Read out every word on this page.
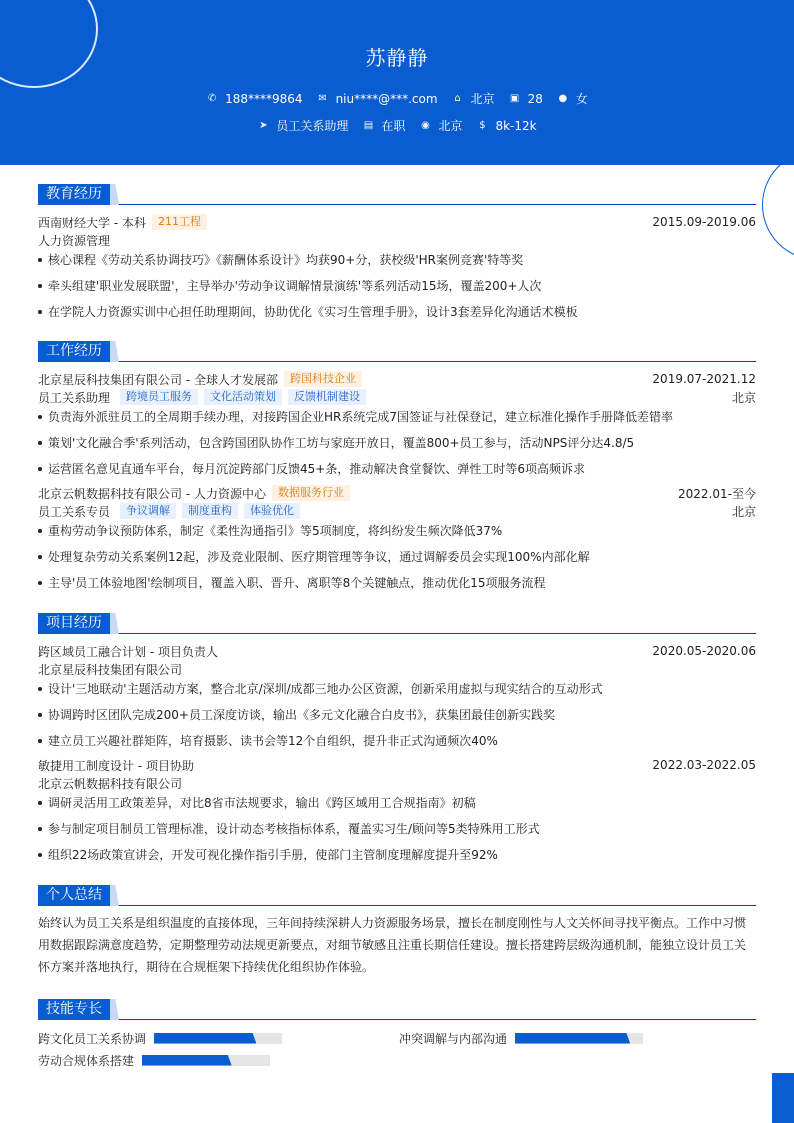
苏静静
✆ 188****9864 ✉ niu****@***.com ⌂ 北京 ▣ 28 ● 女
➤ 员工关系助理 ▤ 在职 ◉ 北京 $ 8k-12k
教育经历
西南财经大学 - 本科	211工程	2015.09-2019.06
人力资源管理
核心课程《劳动关系协调技巧》《薪酬体系设计》均获90+分，获校级'HR案例竞赛'特等奖
牵头组建'职业发展联盟'，主导举办'劳动争议调解情景演练'等系列活动15场，覆盖200+人次
在学院人力资源实训中心担任助理期间，协助优化《实习生管理手册》，设计3套差异化沟通话术模板
工作经历
北京星辰科技集团有限公司 - 全球人才发展部	跨国科技企业	2019.07-2021.12
员工关系助理	跨境员工服务	文化活动策划	反馈机制建设	北京
负责海外派驻员工的全周期手续办理，对接跨国企业HR系统完成7国签证与社保登记，建立标准化操作手册降低差错率
策划'文化融合季'系列活动，包含跨国团队协作工坊与家庭开放日，覆盖800+员工参与，活动NPS评分达4.8/5
运营匿名意见直通车平台，每月沉淀跨部门反馈45+条，推动解决食堂餐饮、弹性工时等6项高频诉求
北京云帆数据科技有限公司 - 人力资源中心	数据服务行业	2022.01-至今
员工关系专员	争议调解	制度重构	体验优化	北京
重构劳动争议预防体系，制定《柔性沟通指引》等5项制度，将纠纷发生频次降低37%
处理复杂劳动关系案例12起，涉及竞业限制、医疗期管理等争议，通过调解委员会实现100%内部化解
主导'员工体验地图'绘制项目，覆盖入职、晋升、离职等8个关键触点，推动优化15项服务流程
项目经历
跨区域员工融合计划 - 项目负责人	2020.05-2020.06
北京星辰科技集团有限公司
设计'三地联动'主题活动方案，整合北京/深圳/成都三地办公区资源，创新采用虚拟与现实结合的互动形式
协调跨时区团队完成200+员工深度访谈，输出《多元文化融合白皮书》，获集团最佳创新实践奖
建立员工兴趣社群矩阵，培育摄影、读书会等12个自组织，提升非正式沟通频次40%
敏捷用工制度设计 - 项目协助	2022.03-2022.05
北京云帆数据科技有限公司
调研灵活用工政策差异，对比8省市法规要求，输出《跨区域用工合规指南》初稿
参与制定项目制员工管理标准，设计动态考核指标体系，覆盖实习生/顾问等5类特殊用工形式
组织22场政策宣讲会，开发可视化操作指引手册，使部门主管制度理解度提升至92%
个人总结
始终认为员工关系是组织温度的直接体现，三年间持续深耕人力资源服务场景，擅长在制度刚性与人文关怀间寻找平衡点。工作中习惯
用数据跟踪满意度趋势，定期整理劳动法规更新要点，对细节敏感且注重长期信任建设。擅长搭建跨层级沟通机制，能独立设计员工关
怀方案并落地执行，期待在合规框架下持续优化组织协作体验。
技能专长
跨文化员工关系协调	冲突调解与内部沟通
劳动合规体系搭建
